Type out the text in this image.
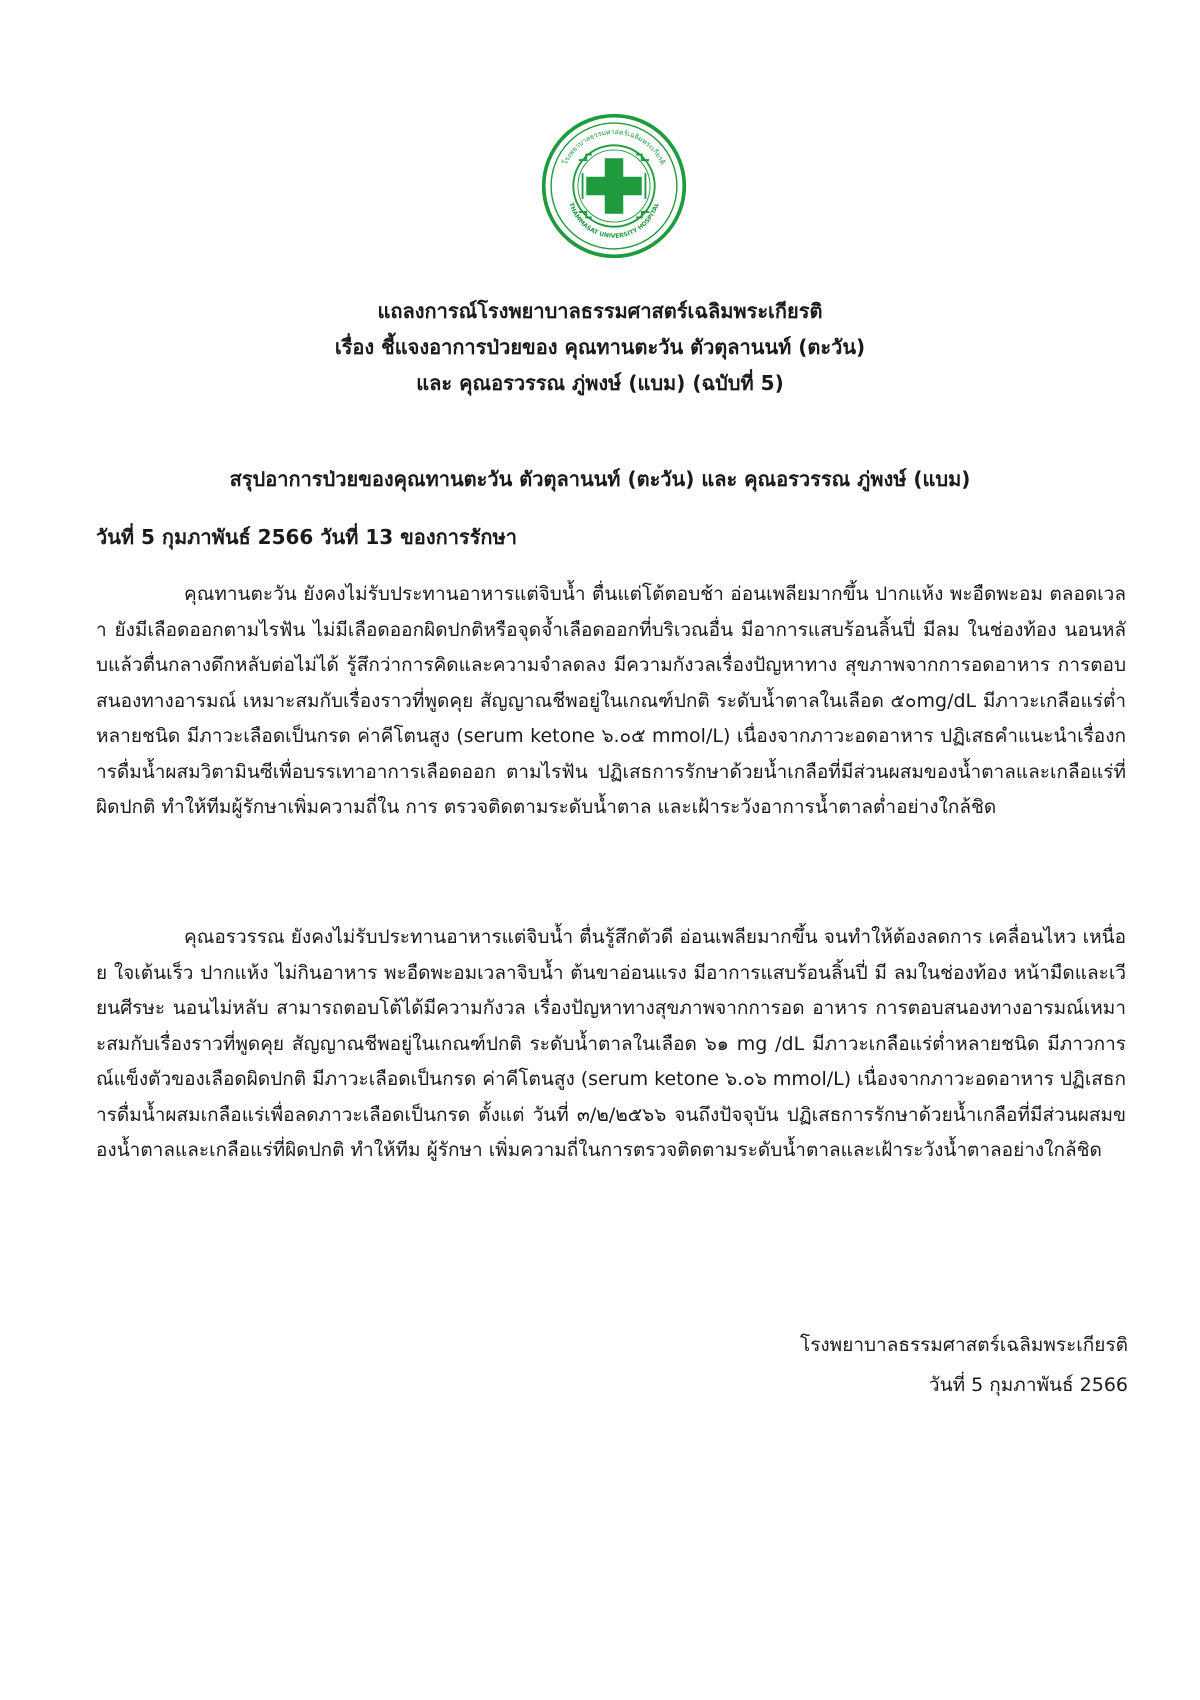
โรงพยาบาลธรรมศาสตร์เฉลิมพระเกียรติ
THAMMASAT UNIVERSITY HOSPITAL
แถลงการณ์โรงพยาบาลธรรมศาสตร์เฉลิมพระเกียรติ
เรื่อง ชี้แจงอาการป่วยของ คุณทานตะวัน ตัวตุลานนท์ (ตะวัน)
และ คุณอรวรรณ ภู่พงษ์ (แบม) (ฉบับที่ 5)
สรุปอาการป่วยของคุณทานตะวัน ตัวตุลานนท์ (ตะวัน) และ คุณอรวรรณ ภู่พงษ์ (แบม)
วันที่ 5 กุมภาพันธ์ 2566 วันที่ 13 ของการรักษา

คุณทานตะวัน ยังคงไม่รับประทานอาหารแต่จิบน้ำ ตื่นแต่โต้ตอบช้า อ่อนเพลียมากขึ้น ปากแห้ง พะอืดพะอม ตลอดเวลา ยังมีเลือดออกตามไรฟัน ไม่มีเลือดออกผิดปกติหรือจุดจ้ำเลือดออกที่บริเวณอื่น มีอาการแสบร้อนลิ้นปี่ มีลม ในช่องท้อง นอนหลับแล้วตื่นกลางดึกหลับต่อไม่ได้ รู้สึกว่าการคิดและความจำลดลง มีความกังวลเรื่องปัญหาทาง สุขภาพจากการอดอาหาร การตอบสนองทางอารมณ์ เหมาะสมกับเรื่องราวที่พูดคุย สัญญาณชีพอยู่ในเกณฑ์ปกติ ระดับน้ำตาลในเลือด ๕๐mg/dL มีภาวะเกลือแร่ต่ำหลายชนิด มีภาวะเลือดเป็นกรด ค่าคีโตนสูง (serum ketone ๖.๐๕ mmol/L) เนื่องจากภาวะอดอาหาร ปฏิเสธคำแนะนำเรื่องการดื่มน้ำผสมวิตามินซีเพื่อบรรเทาอาการเลือดออก ตามไรฟัน ปฏิเสธการรักษาด้วยน้ำเกลือที่มีส่วนผสมของน้ำตาลและเกลือแร่ที่ผิดปกติ ทำให้ทีมผู้รักษาเพิ่มความถี่ใน การ ตรวจติดตามระดับน้ำตาล และเฝ้าระวังอาการน้ำตาลต่ำอย่างใกล้ชิด

คุณอรวรรณ ยังคงไม่รับประทานอาหารแต่จิบน้ำ ตื่นรู้สึกตัวดี อ่อนเพลียมากขึ้น จนทำให้ต้องลดการ เคลื่อนไหว เหนื่อย ใจเต้นเร็ว ปากแห้ง ไม่กินอาหาร พะอืดพะอมเวลาจิบน้ำ ต้นขาอ่อนแรง มีอาการแสบร้อนลิ้นปี่ มี ลมในช่องท้อง หน้ามืดและเวียนศีรษะ นอนไม่หลับ สามารถตอบโต้ได้มีความกังวล เรื่องปัญหาทางสุขภาพจากการอด อาหาร การตอบสนองทางอารมณ์เหมาะสมกับเรื่องราวที่พูดคุย สัญญาณชีพอยู่ในเกณฑ์ปกติ ระดับน้ำตาลในเลือด ๖๑ mg /dL มีภาวะเกลือแร่ต่ำหลายชนิด มีภาวการณ์แข็งตัวของเลือดผิดปกติ มีภาวะเลือดเป็นกรด ค่าคีโตนสูง (serum ketone ๖.๐๖ mmol/L) เนื่องจากภาวะอดอาหาร ปฏิเสธการดื่มน้ำผสมเกลือแร่เพื่อลดภาวะเลือดเป็นกรด ตั้งแต่ วันที่ ๓/๒/๒๕๖๖ จนถึงปัจจุบัน ปฏิเสธการรักษาด้วยน้ำเกลือที่มีส่วนผสมของน้ำตาลและเกลือแร่ที่ผิดปกติ ทำให้ทีม ผู้รักษา เพิ่มความถี่ในการตรวจติดตามระดับน้ำตาลและเฝ้าระวังน้ำตาลอย่างใกล้ชิด

โรงพยาบาลธรรมศาสตร์เฉลิมพระเกียรติ
วันที่ 5 กุมภาพันธ์ 2566
